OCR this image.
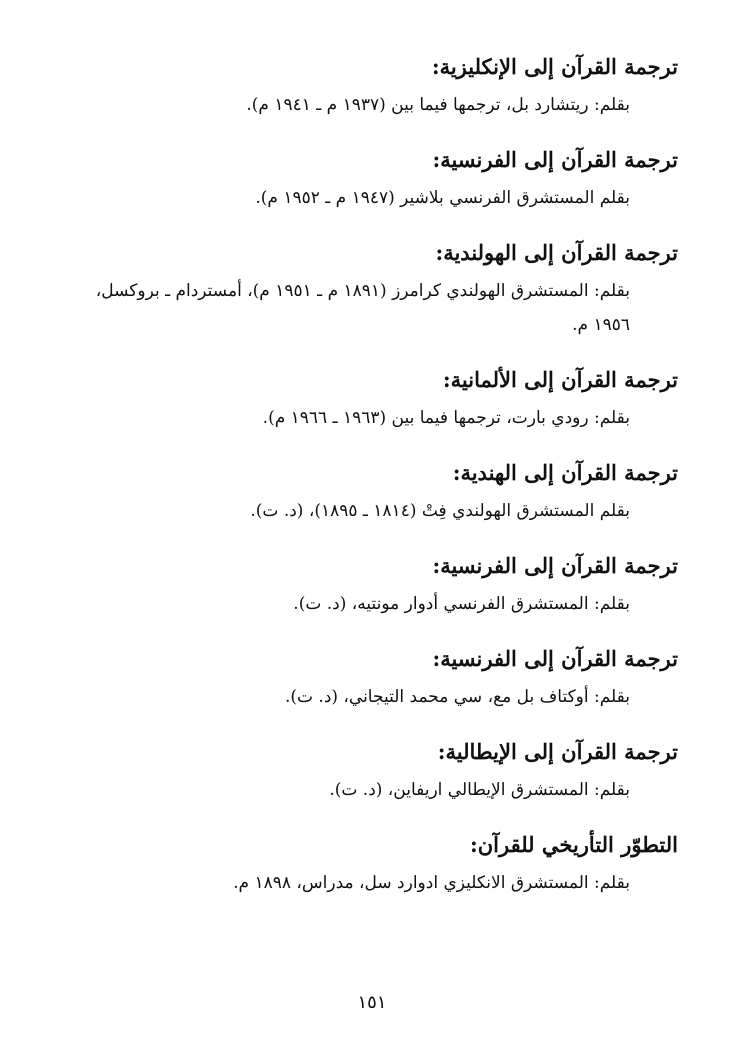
ترجمة القرآن إلى الإنكليزية:
بقلم: ريتشارد بل، ترجمها فيما بين (١٩٣٧ م ـ ١٩٤١ م).
ترجمة القرآن إلى الفرنسية:
بقلم المستشرق الفرنسي بلاشير (١٩٤٧ م ـ ١٩٥٢ م).
ترجمة القرآن إلى الهولندية:
بقلم: المستشرق الهولندي كرامرز (١٨٩١ م ـ ١٩٥١ م)، أمستردام ـ بروكسل، ١٩٥٦ م.
ترجمة القرآن إلى الألمانية:
بقلم: رودي بارت، ترجمها فيما بين (١٩٦٣ ـ ١٩٦٦ م).
ترجمة القرآن إلى الهندية:
بقلم المستشرق الهولندي فِتْ (١٨١٤ ـ ١٨٩٥)، (د. ت).
ترجمة القرآن إلى الفرنسية:
بقلم: المستشرق الفرنسي أدوار مونتيه، (د. ت).
ترجمة القرآن إلى الفرنسية:
بقلم: أوكتاف بل مع، سي محمد التيجاني، (د. ت).
ترجمة القرآن إلى الإيطالية:
بقلم: المستشرق الإيطالي اريفاين، (د. ت).
التطوّر التأريخي للقرآن:
بقلم: المستشرق الانكليزي ادوارد سل، مدراس، ١٨٩٨ م.
١٥١
